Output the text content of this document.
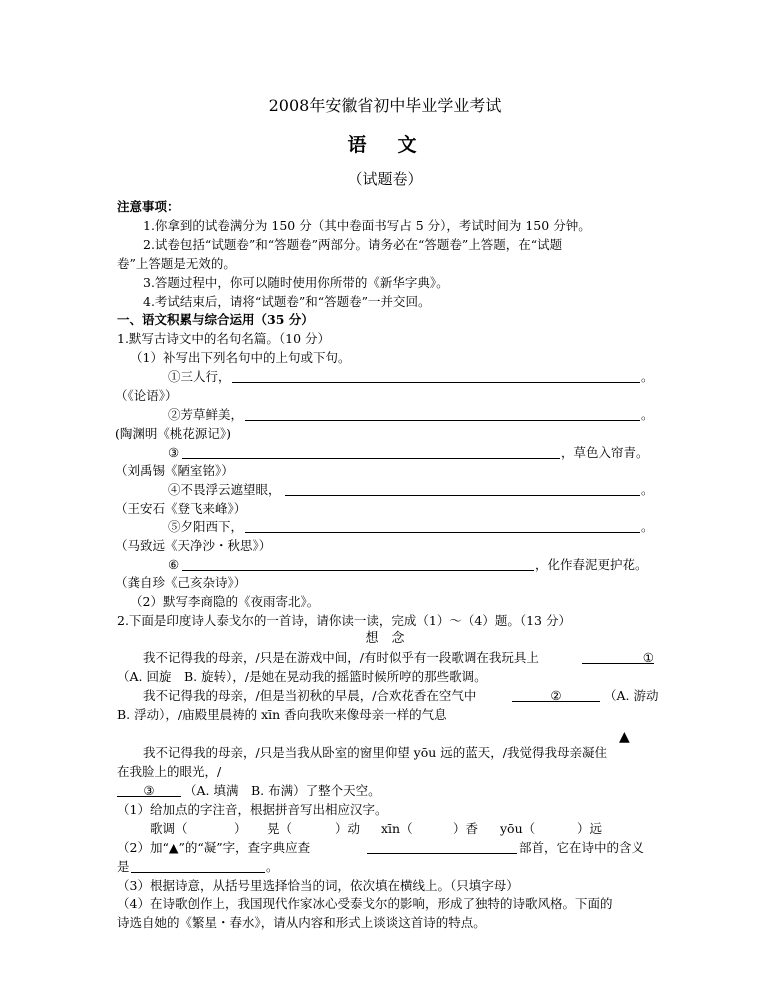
2008年安徽省初中毕业学业考试
语　文
（试题卷）
注意事项：
1.你拿到的试卷满分为 150 分（其中卷面书写占 5 分），考试时间为 150 分钟。
2.试卷包括“试题卷”和“答题卷”两部分。请务必在“答题卷”上答题，在“试题
卷”上答题是无效的。
3.答题过程中，你可以随时使用你所带的《新华字典》。
4.考试结束后，请将“试题卷”和“答题卷”一并交回。
一、语文积累与综合运用（35 分）
1.默写古诗文中的名句名篇。（10 分）
（1）补写出下列名句中的上句或下句。
①三人行，	。
（《论语》）
②芳草鲜美，	。
(陶渊明《桃花源记》)
③	，草色入帘青。
（刘禹锡《陋室铭》）
④不畏浮云遮望眼，	。
（王安石《登飞来峰》）
⑤夕阳西下，	。
（马致远《天净沙・秋思》）
⑥	，化作春泥更护花。
（龚自珍《己亥杂诗》）
（2）默写李商隐的《夜雨寄北》。
2.下面是印度诗人泰戈尔的一首诗，请你读一读，完成（1）～（4）题。（13 分）
想　念
我不记得我的母亲，/只是在游戏中间，/有时似乎有一段歌调在我玩具上	①
（A. 回旋　B. 旋转），/是她在晃动我的摇篮时候所哼的那些歌调。
我不记得我的母亲，/但是当初秋的早晨，/合欢花香在空气中	②	（A. 游动
B. 浮动），/庙殿里晨祷的 xīn 香向我吹来像母亲一样的气息
▲
我不记得我的母亲，/只是当我从卧室的窗里仰望 yōu 远的蓝天，/我觉得我母亲凝住
在我脸上的眼光，/
③	（A. 填满　B. 布满）了整个天空。
（1）给加点的字注音，根据拼音写出相应汉字。
歌调（	） 晃（	）动 xīn（	）香 yōu（	）远
（2）加“▲”的“凝”字，查字典应查	部首，它在诗中的含义
是	。
（3）根据诗意，从括号里选择恰当的词，依次填在横线上。（只填字母）
（4）在诗歌创作上，我国现代作家冰心受泰戈尔的影响，形成了独特的诗歌风格。下面的
诗选自她的《繁星・春水》，请从内容和形式上谈谈这首诗的特点。
